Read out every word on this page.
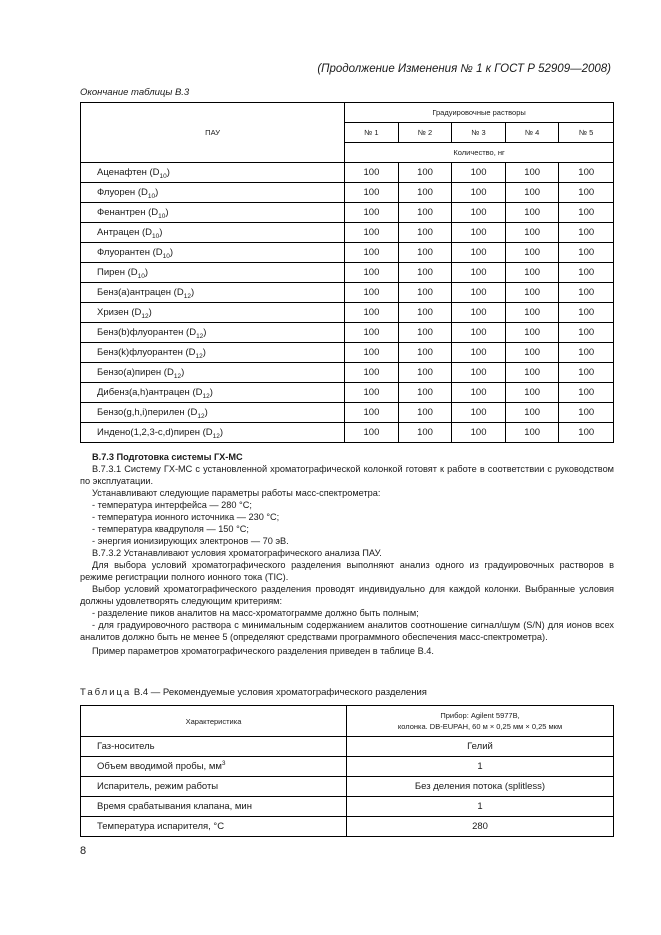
(Продолжение Изменения № 1 к ГОСТ Р 52909—2008)
Окончание таблицы В.3
ПАУ	Градуировочные растворы				
	№ 1	№ 2	№ 3	№ 4	№ 5
	Количество, нг				
Аценафтен $(D_{10})$	100	100	100	100	100
Флуорен $(D_{10})$	100	100	100	100	100
Фенантрен $(D_{10})$	100	100	100	100	100
Антрацен $(D_{10})$	100	100	100	100	100
Флуорантен $(D_{10})$	100	100	100	100	100
Пирен $(D_{10})$	100	100	100	100	100
Бенз(а)антрацен $(D_{12})$	100	100	100	100	100
Хризен $(D_{12})$	100	100	100	100	100
Бенз(b)флуорантен $(D_{12})$	100	100	100	100	100
Бенз(k)флуорантен $(D_{12})$	100	100	100	100	100
Бензо(а)пирен $(D_{12})$	100	100	100	100	100
Дибенз(a,h)антрацен $(D_{12})$	100	100	100	100	100
Бензо(g,h,i)перилен $(D_{12})$	100	100	100	100	100
Индено(1,2,3-c,d)пирен $(D_{12})$	100	100	100	100	100

В.7.3 Подготовка системы ГХ-МС

В.7.3.1 Систему ГХ-МС с установленной хроматографической колонкой готовят к работе в соответствии с руководством по эксплуатации.

Устанавливают следующие параметры работы масс-спектрометра:

- температура интерфейса — 280 °С;

- температура ионного источника — 230 °С;

- температура квадруполя — 150 °С;

- энергия ионизирующих электронов — 70 эВ.

В.7.3.2 Устанавливают условия хроматографического анализа ПАУ.

Для выбора условий хроматографического разделения выполняют анализ одного из градуировочных растворов в режиме регистрации полного ионного тока (TIC).

Выбор условий хроматографического разделения проводят индивидуально для каждой колонки. Выбранные условия должны удовлетворять следующим критериям:

- разделение пиков аналитов на масс-хроматограмме должно быть полным;

- для градуировочного раствора с минимальным содержанием аналитов соотношение сигнал/шум (S/N) для ионов всех аналитов должно быть не менее 5 (определяют средствами программного обеспечения масс-спектрометра).

Пример параметров хроматографического разделения приведен в таблице В.4.

Таблица В.4 — Рекомендуемые условия хроматографического разделения
Характеристика	Прибор: Agilent 5977B,
колонка. DB-EUPAH, 60 м × 0,25 мм × 0,25 мкм
Газ-носитель	Гелий
Объем вводимой пробы, $мм^3$	1
Испаритель, режим работы	Без деления потока (splitless)
Время срабатывания клапана, мин	1
Температура испарителя, °С	280
8
